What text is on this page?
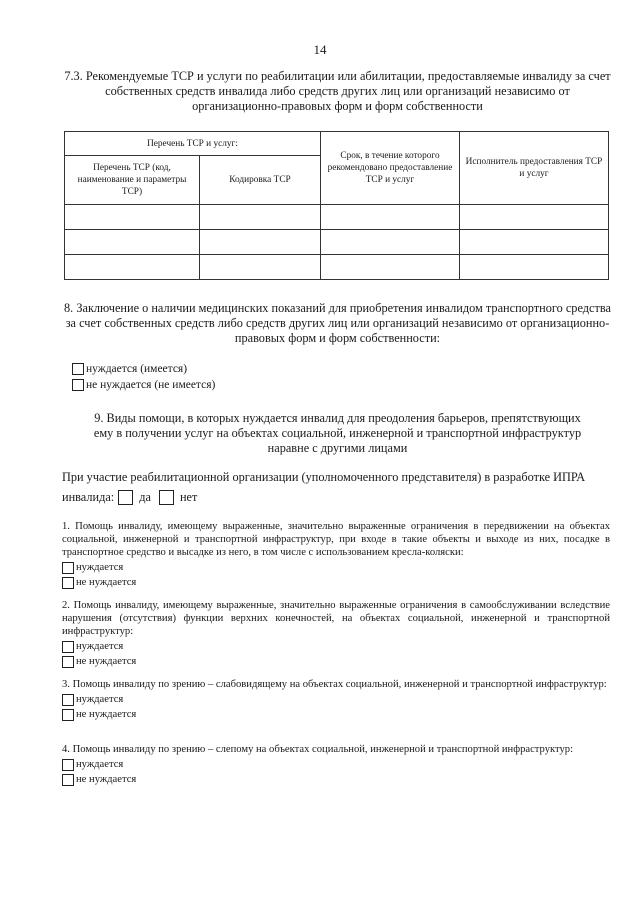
14
7.3. Рекомендуемые ТСР и услуги по реабилитации или абилитации, предоставляемые инвалиду за счет собственных средств инвалида либо средств других лиц или организаций независимо от организационно-правовых форм и форм собственности
Перечень ТСР и услуг:		Срок, в течение которого рекомендовано предоставление ТСР и услуг	Исполнитель предоставления ТСР и услуг
Перечень ТСР (код, наименование и параметры ТСР)	Кодировка ТСР		

8. Заключение о наличии медицинских показаний для приобретения инвалидом транспортного средства за счет собственных средств либо средств других лиц или организаций независимо от организационно-правовых форм и форм собственности:
нуждается (имеется)
не нуждается (не имеется)
9. Виды помощи, в которых нуждается инвалид для преодоления барьеров, препятствующих ему в получении услуг на объектах социальной, инженерной и транспортной инфраструктур наравне с другими лицами
При участие реабилитационной организации (уполномоченного представителя) в разработке ИПРА
инвалида: да нет
1. Помощь инвалиду, имеющему выраженные, значительно выраженные ограничения в передвижении на объектах социальной, инженерной и транспортной инфраструктур, при входе в такие объекты и выходе из них, посадке в транспортное средство и высадке из него, в том числе с использованием кресла-коляски:
нуждается
не нуждается
2. Помощь инвалиду, имеющему выраженные, значительно выраженные ограничения в самообслуживании вследствие нарушения (отсутствия) функции верхних конечностей, на объектах социальной, инженерной и транспортной инфраструктур:
нуждается
не нуждается
3. Помощь инвалиду по зрению – слабовидящему на объектах социальной, инженерной и транспортной инфраструктур:
нуждается
не нуждается
4. Помощь инвалиду по зрению – слепому на объектах социальной, инженерной и транспортной инфраструктур:
нуждается
не нуждается
